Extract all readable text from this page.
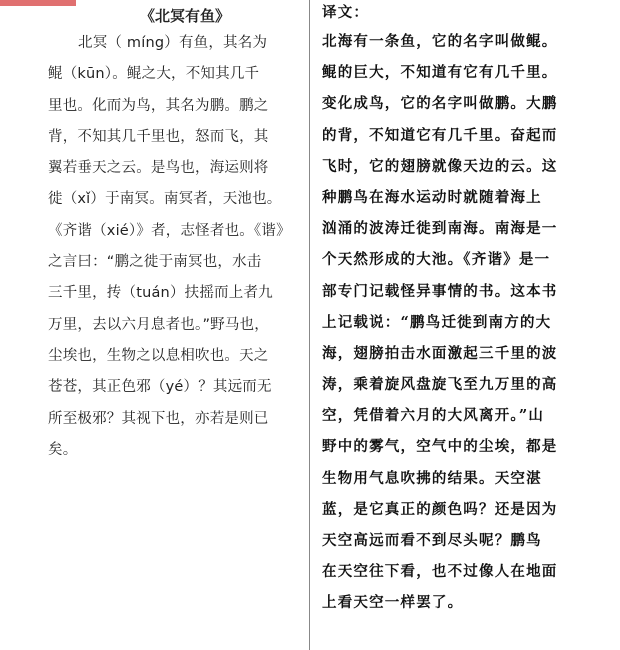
《北冥有鱼》
北冥（ míng）有鱼，其名为
鲲（kūn）。鲲之大，不知其几千
里也。化而为鸟，其名为鹏。鹏之
背，不知其几千里也，怒而飞，其
翼若垂天之云。是鸟也，海运则将
徙（xǐ）于南冥。南冥者，天池也。
《齐谐（xié）》者，志怪者也。《谐》
之言曰：“鹏之徙于南冥也，水击
三千里，抟（tuán）扶摇而上者九
万里，去以六月息者也。”野马也，
尘埃也，生物之以息相吹也。天之
苍苍，其正色邪（yé）？其远而无
所至极邪？其视下也，亦若是则已
矣。
译文：
北海有一条鱼，它的名字叫做鲲。
鲲的巨大，不知道有它有几千里。
变化成鸟，它的名字叫做鹏。大鹏
的背，不知道它有几千里。奋起而
飞时，它的翅膀就像天边的云。这
种鹏鸟在海水运动时就随着海上
汹涌的波涛迁徙到南海。南海是一
个天然形成的大池。《齐谐》是一
部专门记载怪异事情的书。这本书
上记载说：“鹏鸟迁徙到南方的大
海，翅膀拍击水面激起三千里的波
涛，乘着旋风盘旋飞至九万里的高
空，凭借着六月的大风离开。”山
野中的雾气，空气中的尘埃，都是
生物用气息吹拂的结果。天空湛
蓝，是它真正的颜色吗？还是因为
天空高远而看不到尽头呢？鹏鸟
在天空往下看，也不过像人在地面
上看天空一样罢了。
